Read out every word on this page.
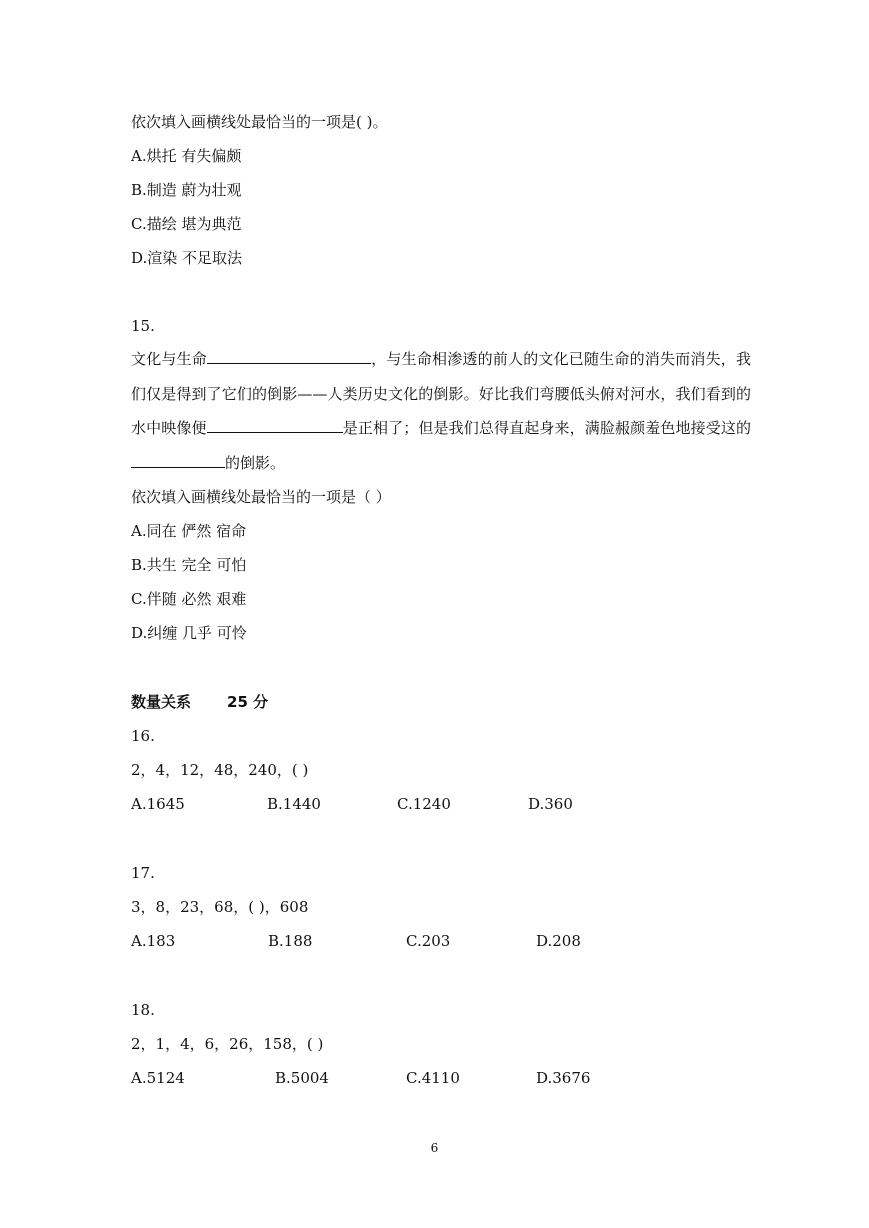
依次填入画横线处最恰当的一项是( )。

A.烘托 有失偏颇

B.制造 蔚为壮观

C.描绘 堪为典范

D.渲染 不足取法

15.

文化与生命	，与生命相渗透的前人的文化已随生命的消失而消失，我们仅是得到了它们的倒影——人类历史文化的倒影。好比我们弯腰低头俯对河水，我们看到的水中映像便	是正相了；但是我们总得直起身来，满脸赧颜羞色地接受这的的倒影。

依次填入画横线处最恰当的一项是（ ）

A.同在 俨然 宿命

B.共生 完全 可怕

C.伴随 必然 艰难

D.纠缠 几乎 可怜

数量关系 25 分

16.

2，4，12，48，240，( )

A.1645	B.1440	C.1240	D.360

17.

3，8，23，68，( )，608

A.183	B.188	C.203	D.208

18.

2，1，4，6，26，158，( )

A.5124	B.5004	C.4110	D.3676
6
